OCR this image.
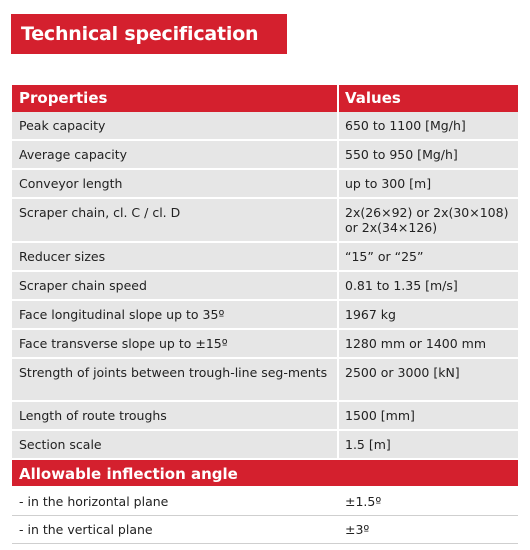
Technical specification
Properties	Values
Peak capacity	650 to 1100 [Mg/h]
Average capacity	550 to 950 [Mg/h]
Conveyor length	up to 300 [m]
Scraper chain, cl. C / cl. D	2x(26×92) or 2x(30×108) or 2x(34×126)
Reducer sizes	“15” or “25”
Scraper chain speed	0.81 to 1.35 [m/s]
Face longitudinal slope up to 35º	1967 kg
Face transverse slope up to ±15º	1280 mm or 1400 mm
Strength of joints between trough-line seg-ments	2500 or 3000 [kN]
Length of route troughs	1500 [mm]
Section scale	1.5 [m]
Allowable inflection angle
- in the horizontal plane	±1.5º
- in the vertical plane	±3º
